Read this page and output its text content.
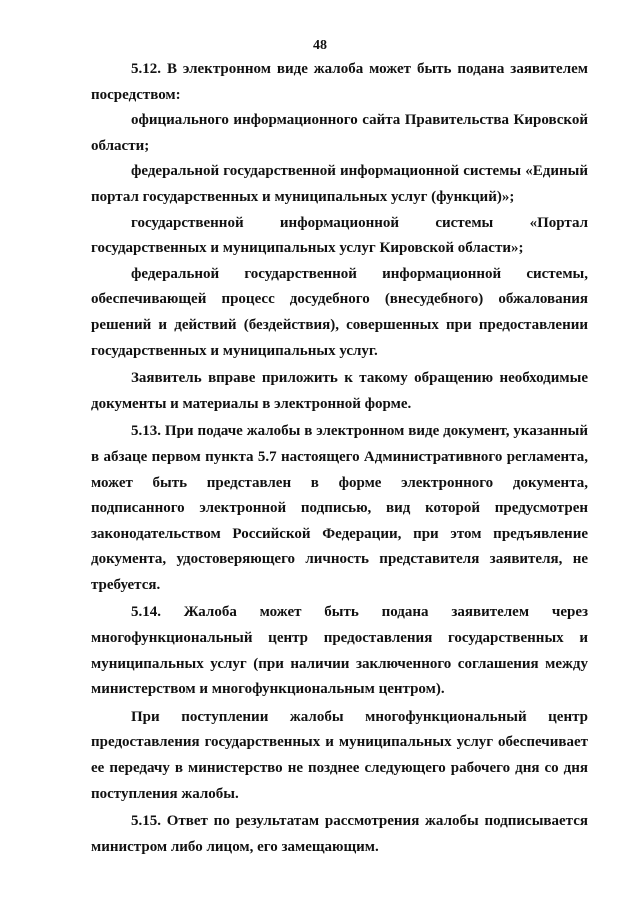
48

5.12. В электронном виде жалоба может быть подана заявителем посредством:

официального информационного сайта Правительства Кировской области;

федеральной государственной информационной системы «Единый портал государственных и муниципальных услуг (функций)»;

государственной информационной системы «Портал государственных и муниципальных услуг Кировской области»;

федеральной государственной информационной системы, обеспечивающей процесс досудебного (внесудебного) обжалования решений и действий (бездействия), совершенных при предоставлении государственных и муниципальных услуг.

Заявитель вправе приложить к такому обращению необходимые документы и материалы в электронной форме.

5.13. При подаче жалобы в электронном виде документ, указанный в абзаце первом пункта 5.7 настоящего Административного регламента, может быть представлен в форме электронного документа, подписанного электронной подписью, вид которой предусмотрен законодательством Российской Федерации, при этом предъявление документа, удостоверяющего личность представителя заявителя, не требуется.

5.14. Жалоба может быть подана заявителем через многофункциональный центр предоставления государственных и муниципальных услуг (при наличии заключенного соглашения между министерством и многофункциональным центром).

При поступлении жалобы многофункциональный центр предоставления государственных и муниципальных услуг обеспечивает ее передачу в министерство не позднее следующего рабочего дня со дня поступления жалобы.

5.15. Ответ по результатам рассмотрения жалобы подписывается министром либо лицом, его замещающим.
